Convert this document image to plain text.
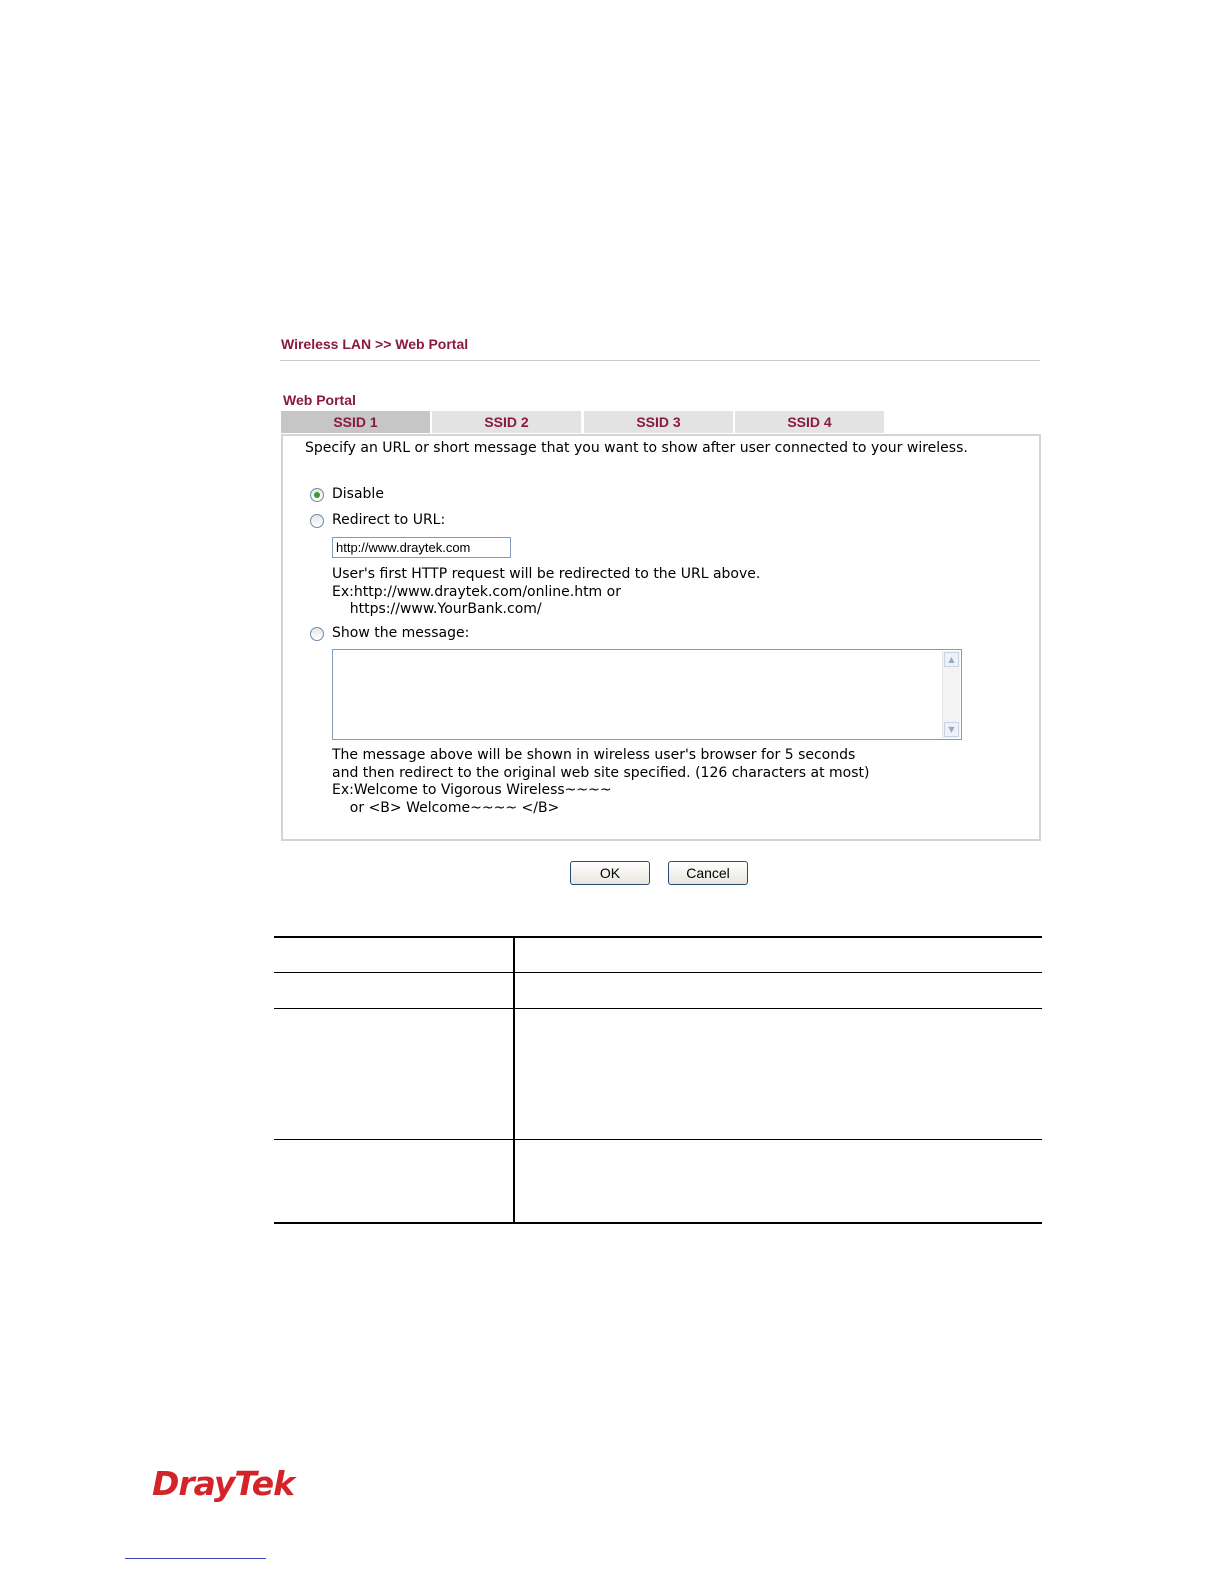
Wireless LAN >> Web Portal
Web Portal
SSID 1	SSID 2	SSID 3	SSID 4
Specify an URL or short message that you want to show after user connected to your wireless.
Disable
Redirect to URL:
http://www.draytek.com
User's first HTTP request will be redirected to the URL above.
Ex:http://www.draytek.com/online.htm or
https://www.YourBank.com/
Show the message:
▲
▼
The message above will be shown in wireless user's browser for 5 seconds
and then redirect to the original web site specified. (126 characters at most)
Ex:Welcome to Vigorous Wireless~~~~
or <B> Welcome~~~~ </B>
OK	Cancel
DrayTek
